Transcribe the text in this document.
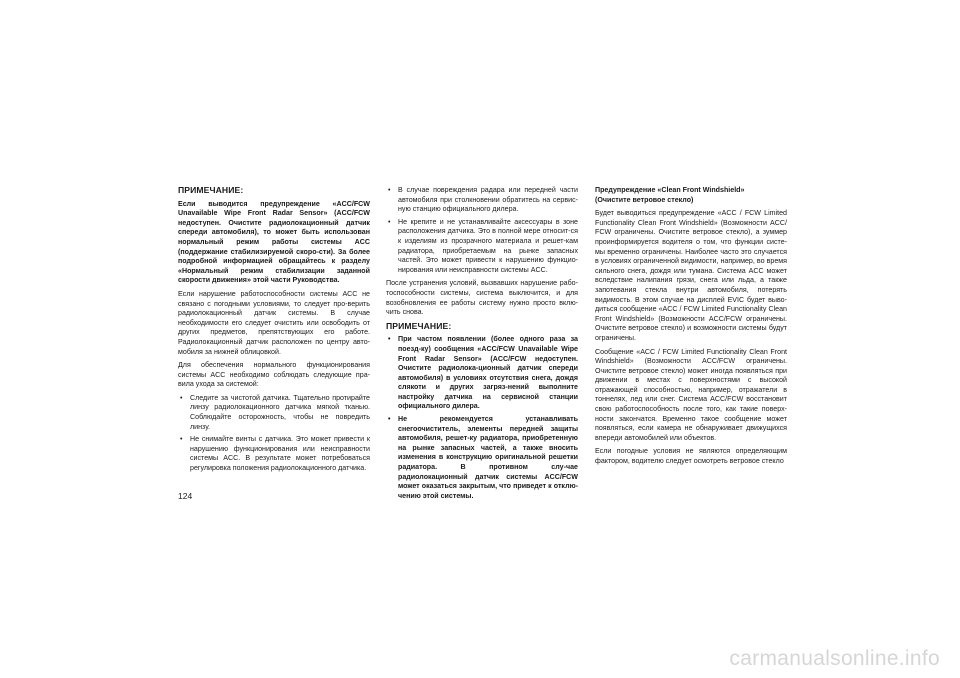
ПРИМЕЧАНИЕ:

Если выводится предупреждение «ACC/FCW Unavailable Wipe Front Radar Sensor» (ACC/FCW недоступен. Очистите радиолокационный датчик спереди автомобиля), то может быть использован нормальный режим работы системы ACC (поддержание стабилизируемой скоро-сти). За более подробной информацией обращайтесь к разделу «Нормальный режим стабилизации заданной скорости движения» этой части Руководства.

Если нарушение работоспособности системы ACC не связано с погодными условиями, то следует про-верить радиолокационный датчик системы. В случае необходимости его следует очистить или освободить от других предметов, препятствующих его работе. Радиолокационный датчик расположен по центру авто-мобиля за нижней облицовкой.

Для обеспечения нормального функционирования системы ACC необходимо соблюдать следующие пра-вила ухода за системой:

• Следите за чистотой датчика. Тщательно протирайте линзу радиолокационного датчика мягкой тканью. Соблюдайте осторожность, чтобы не повредить линзу.
• Не снимайте винты с датчика. Это может привести к нарушению функционирования или неисправности системы ACC. В результате может потребоваться регулировка положения радиолокационного датчика.
• В случае повреждения радара или передней части автомобиля при столкновении обратитесь на сервис-ную станцию официального дилера.
• Не крепите и не устанавливайте аксессуары в зоне расположения датчика. Это в полной мере относит-ся к изделиям из прозрачного материала и решет-кам радиатора, приобретаемым на рынке запасных частей. Это может привести к нарушению функцио-нирования или неисправности системы ACC.

После устранения условий, вызвавших нарушение рабо-тоспособности системы, система выключится, и для возобновления ее работы систему нужно просто вклю-чить снова.

ПРИМЕЧАНИЕ:
• При частом появлении (более одного раза за поезд-ку) сообщения «ACC/FCW Unavailable Wipe Front Radar Sensor» (ACC/FCW недоступен. Очистите радиолока-ционный датчик спереди автомобиля) в условиях отсутствия снега, дождя слякоти и других загряз-нений выполните настройку датчика на сервисной станции официального дилера.
• Не рекомендуется устанавливать снегоочиститель, элементы передней защиты автомобиля, решет-ку радиатора, приобретенную на рынке запасных частей, а также вносить изменения в конструкцию оригинальной решетки радиатора. В противном слу-чае радиолокационный датчик системы ACC/FCW может оказаться закрытым, что приведет к отклю-чению этой системы.
Предупреждение «Clean Front Windshield»
(Очистите ветровое стекло)

Будет выводиться предупреждение «ACC / FCW Limited Functionality Clean Front Windshield» (Возможности ACC/ FCW ограничены. Очистите ветровое стекло), а зуммер проинформируется водителя о том, что функции систе-мы временно ограничены. Наиболее часто это случается в условиях ограниченной видимости, например, во время сильного снега, дождя или тумана. Система ACC может вследствие налипания грязи, снега или льда, а также запотевания стекла внутри автомобиля, потерять видимость. В этом случае на дисплей EVIC будет выво-диться сообщение «ACC / FCW Limited Functionality Clean Front Windshield» (Возможности ACC/FCW ограничены. Очистите ветровое стекло) и возможности системы будут ограничены.

Сообщение «ACC / FCW Limited Functionality Clean Front Windshield» (Возможности ACC/FCW ограничены. Очистите ветровое стекло) может иногда появляться при движении в местах с поверхностями с высокой отражающей способностью, например, отражатели в тоннелях, лед или снег. Система ACC/FCW восстановит свою работоспособность после того, как такие поверх-ности закончатся. Временно такое сообщение может появляться, если камера не обнаруживает движущихся впереди автомобилей или объектов.

Если погодные условия не являются определяющим фактором, водителю следует осмотреть ветровое стекло

124
carmanualsonline.info
